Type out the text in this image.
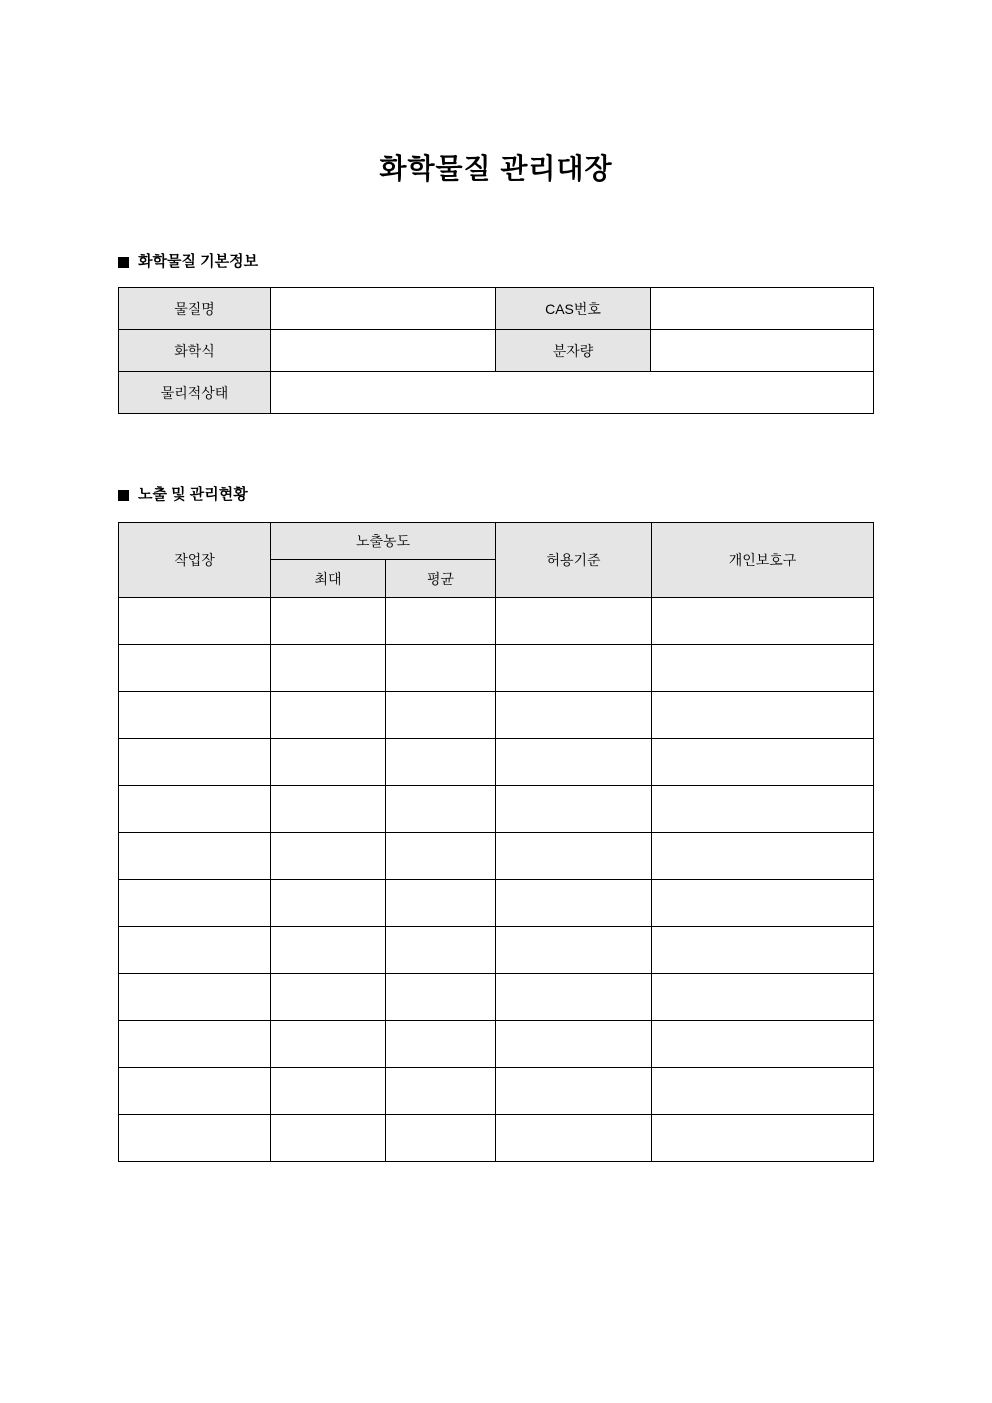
화학물질 관리대장
화학물질 기본정보
물질명		CAS번호	
화학식		분자량	
물리적상태			
노출 및 관리현황
작업장	노출농도		허용기준	개인보호구
	최대	평균		
